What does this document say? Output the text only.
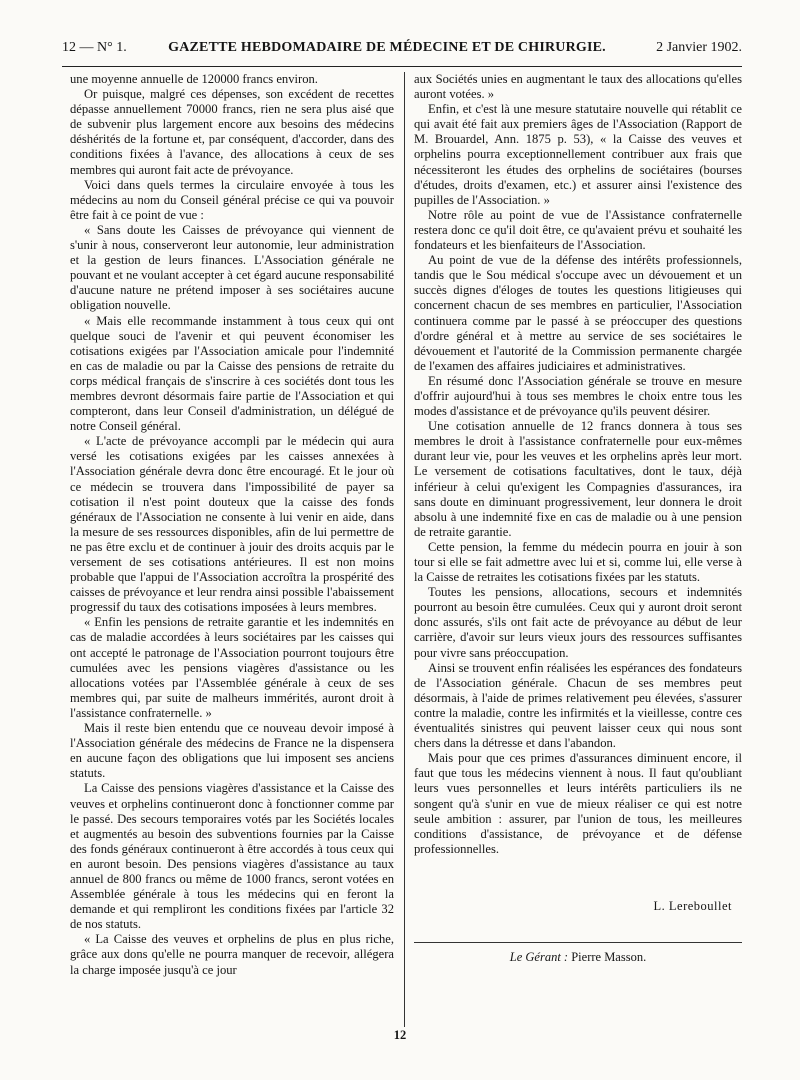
12 — N° 1.	GAZETTE HEBDOMADAIRE DE MÉDECINE ET DE CHIRURGIE.	2 Janvier 1902.

une moyenne annuelle de 120000 francs environ.

Or puisque, malgré ces dépenses, son excédent de recettes dépasse annuellement 70000 francs, rien ne sera plus aisé que de subvenir plus largement encore aux besoins des médecins déshérités de la fortune et, par conséquent, d'accorder, dans des conditions fixées à l'avance, des allocations à ceux de ses membres qui auront fait acte de prévoyance.

Voici dans quels termes la circulaire envoyée à tous les médecins au nom du Conseil général précise ce qui va pouvoir être fait à ce point de vue :

« Sans doute les Caisses de prévoyance qui viennent de s'unir à nous, conserveront leur autonomie, leur administration et la gestion de leurs finances. L'Association générale ne pouvant et ne voulant accepter à cet égard aucune responsabilité d'aucune nature ne prétend imposer à ses sociétaires aucune obligation nouvelle.

« Mais elle recommande instamment à tous ceux qui ont quelque souci de l'avenir et qui peuvent économiser les cotisations exigées par l'Association amicale pour l'indemnité en cas de maladie ou par la Caisse des pensions de retraite du corps médical français de s'inscrire à ces sociétés dont tous les membres devront désormais faire partie de l'Association et qui compteront, dans leur Conseil d'administration, un délégué de notre Conseil général.

« L'acte de prévoyance accompli par le médecin qui aura versé les cotisations exigées par les caisses annexées à l'Association générale devra donc être encouragé. Et le jour où ce médecin se trouvera dans l'impossibilité de payer sa cotisation il n'est point douteux que la caisse des fonds généraux de l'Association ne consente à lui venir en aide, dans la mesure de ses ressources disponibles, afin de lui permettre de ne pas être exclu et de continuer à jouir des droits acquis par le versement de ses cotisations antérieures. Il est non moins probable que l'appui de l'Association accroîtra la prospérité des caisses de prévoyance et leur rendra ainsi possible l'abaissement progressif du taux des cotisations imposées à leurs membres.

« Enfin les pensions de retraite garantie et les indemnités en cas de maladie accordées à leurs sociétaires par les caisses qui ont accepté le patronage de l'Association pourront toujours être cumulées avec les pensions viagères d'assistance ou les allocations votées par l'Assemblée générale à ceux de ses membres qui, par suite de malheurs immérités, auront droit à l'assistance confraternelle. »

Mais il reste bien entendu que ce nouveau devoir imposé à l'Association générale des médecins de France ne la dispensera en aucune façon des obligations que lui imposent ses anciens statuts.

La Caisse des pensions viagères d'assistance et la Caisse des veuves et orphelins continueront donc à fonctionner comme par le passé. Des secours temporaires votés par les Sociétés locales et augmentés au besoin des subventions fournies par la Caisse des fonds généraux continueront à être accordés à tous ceux qui en auront besoin. Des pensions viagères d'assistance au taux annuel de 800 francs ou même de 1000 francs, seront votées en Assemblée générale à tous les médecins qui en feront la demande et qui rempliront les conditions fixées par l'article 32 de nos statuts.

« La Caisse des veuves et orphelins de plus en plus riche, grâce aux dons qu'elle ne pourra manquer de recevoir, allégera la charge imposée jusqu'à ce jour

aux Sociétés unies en augmentant le taux des allocations qu'elles auront votées. »

Enfin, et c'est là une mesure statutaire nouvelle qui rétablit ce qui avait été fait aux premiers âges de l'Association (Rapport de M. Brouardel, Ann. 1875 p. 53), « la Caisse des veuves et orphelins pourra exceptionnellement contribuer aux frais que nécessiteront les études des orphelins de sociétaires (bourses d'études, droits d'examen, etc.) et assurer ainsi l'existence des pupilles de l'Association. »

Notre rôle au point de vue de l'Assistance confraternelle restera donc ce qu'il doit être, ce qu'avaient prévu et souhaité les fondateurs et les bienfaiteurs de l'Association.

Au point de vue de la défense des intérêts professionnels, tandis que le Sou médical s'occupe avec un dévouement et un succès dignes d'éloges de toutes les questions litigieuses qui concernent chacun de ses membres en particulier, l'Association continuera comme par le passé à se préoccuper des questions d'ordre général et à mettre au service de ses sociétaires le dévouement et l'autorité de la Commission permanente chargée de l'examen des affaires judiciaires et administratives.

En résumé donc l'Association générale se trouve en mesure d'offrir aujourd'hui à tous ses membres le choix entre tous les modes d'assistance et de prévoyance qu'ils peuvent désirer.

Une cotisation annuelle de 12 francs donnera à tous ses membres le droit à l'assistance confraternelle pour eux-mêmes durant leur vie, pour les veuves et les orphelins après leur mort. Le versement de cotisations facultatives, dont le taux, déjà inférieur à celui qu'exigent les Compagnies d'assurances, ira sans doute en diminuant progressivement, leur donnera le droit absolu à une indemnité fixe en cas de maladie ou à une pension de retraite garantie.

Cette pension, la femme du médecin pourra en jouir à son tour si elle se fait admettre avec lui et si, comme lui, elle verse à la Caisse de retraites les cotisations fixées par les statuts.

Toutes les pensions, allocations, secours et indemnités pourront au besoin être cumulées. Ceux qui y auront droit seront donc assurés, s'ils ont fait acte de prévoyance au début de leur carrière, d'avoir sur leurs vieux jours des ressources suffisantes pour vivre sans préoccupation.

Ainsi se trouvent enfin réalisées les espérances des fondateurs de l'Association générale. Chacun de ses membres peut désormais, à l'aide de primes relativement peu élevées, s'assurer contre la maladie, contre les infirmités et la vieillesse, contre ces éventualités sinistres qui peuvent laisser ceux qui nous sont chers dans la détresse et dans l'abandon.

Mais pour que ces primes d'assurances diminuent encore, il faut que tous les médecins viennent à nous. Il faut qu'oubliant leurs vues personnelles et leurs intérêts particuliers ils ne songent qu'à s'unir en vue de mieux réaliser ce qui est notre seule ambition : assurer, par l'union de tous, les meilleures conditions d'assistance, de prévoyance et de défense professionnelles.

L. Lereboullet
Le Gérant : Pierre Masson.
12
